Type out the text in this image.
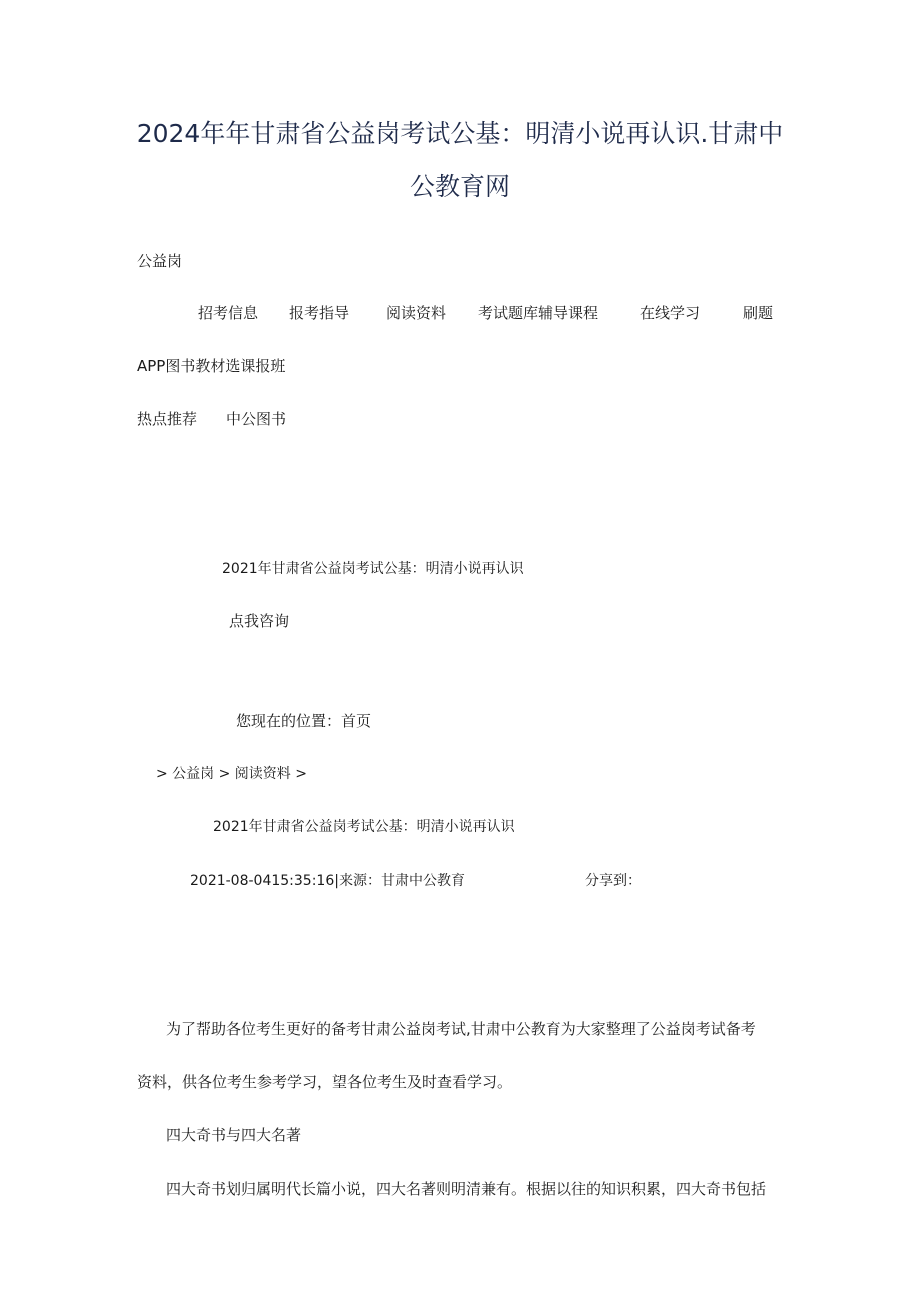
2024年年甘肃省公益岗考试公基：明清小说再认识.甘肃中
公教育网
公益岗
招考信息 报考指导 阅读资料 考试题库辅导课程	在线学习	刷题
APP图书教材选课报班
热点推荐 中公图书
2021年甘肃省公益岗考试公基：明清小说再认识
点我咨询
您现在的位置：首页
> 公益岗 > 阅读资料 >
2021年甘肃省公益岗考试公基：明清小说再认识
2021-08-0415:35:16|来源：甘肃中公教育	分享到：
为了帮助各位考生更好的备考甘肃公益岗考试,甘肃中公教育为大家整理了公益岗考试备考
资料，供各位考生参考学习，望各位考生及时查看学习。
四大奇书与四大名著
四大奇书划归属明代长篇小说，四大名著则明清兼有。根据以往的知识积累，四大奇书包括
